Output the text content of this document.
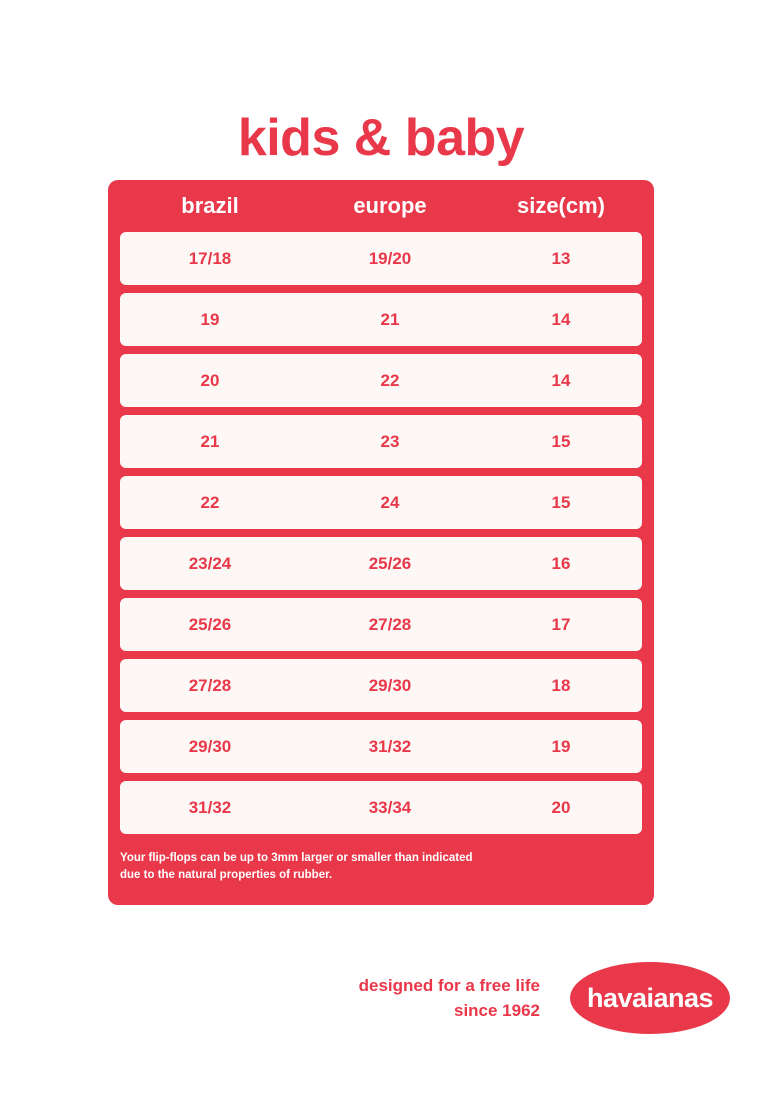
kids & baby
brazil	europe	size(cm)
17/18	19/20	13
19	21	14
20	22	14
21	23	15
22	24	15
23/24	25/26	16
25/26	27/28	17
27/28	29/30	18
29/30	31/32	19
31/32	33/34	20
Your flip-flops can be up to 3mm larger or smaller than indicated
due to the natural properties of rubber.
designed for a free life
since 1962	havaianas
